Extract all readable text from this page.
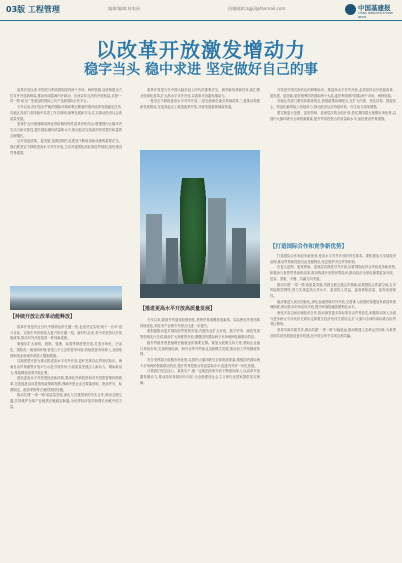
03版 工程管理	编辑/编辑:林家同	投稿邮箱:zgjijl@foxmail.com	中国基建报
CHINA INFRASTRUCTURE NEWS
以改革开放激发增动力
稳字当头 稳中求进 坚定做好自己的事

改革开放以来,中国充分利用国际国内两个市场、两种资源,加快构建全方位对外开放新格局,推动形成陆海内外联动、东西双向互济的开放格局,共建'一带一路'成为广受欢迎的国际公共产品和国际合作平台。

今年以来,面对复杂严峻的国际环境和艰巨繁重的国内改革发展稳定任务,各地区各部门坚持稳中求进工作总基调,统筹发展和安全,扎实推动经济社会高质量发展。

坚持扩大内需战略同深化供给侧结构性改革有机结合,增强国内大循环内生动力和可靠性,提升国际循环质量和水平,推动经济实现质的有效提升和量的合理增长。

以开放促改革、促发展,是我国现代化建设不断取得新成就的重要法宝。我们要坚定不移推进高水平对外开放,主动对接国际高标准经贸规则,加快建设贸易强国。

【持续开放让改革动能释放】

改革开放是决定当代中国命运的关键一招,也是决定实现'两个一百年'奋斗目标、实现中华民族伟大复兴的关键一招。新时代以来,党中央坚持以开放促改革,推动对外开放取得一系列新成就。

要稳步扩大规则、规制、管理、标准等制度型开放,打造市场化、法治化、国际化一流营商环境,营造公平公正的竞争环境,持续放宽市场准入,全面取消制造业领域外资准入限制措施。

以制度型开放为重点推进高水平对外开放,更好发挥自由贸易试验区、海南自由贸易港等开放平台示范引领作用,为高质量发展注入新动力、增添新活力,持续释放改革开放红利。

建设更高水平开放型经济新体制,要深化外商投资和对外投资管理体制改革,完善促进双向投资的政策和制度,保障外资企业在要素获取、资质许可、标准制定、政府采购等方面的国民待遇。

推动共建'一带一路'高质量发展,深化与共建国家的务实合作,推动互联互通,共同维护全球产业链供应链稳定畅通,为世界经济复苏和增长贡献中国力量。

改革开放是当代中国大踏步赶上时代的重要法宝。面对新形势新任务,我们要全面深化改革,扩大高水平对外开放,以改革开放激发增动力。

一是坚定不移推进高水平对外开放,二是全面深化重点领域改革,三是推动构建新发展格局,在更高起点上推进改革开放,开辟发展新领域新赛道。

【推进更高水平开放高质量发展】

今年以来,我国外贸展现较强韧性,货物贸易规模再创新高。实际使用外资结构持续优化,高技术产业吸引外资占比进一步提升。

要积极推动更多国际经贸规则对接,在服务业扩大开放、数字贸易、绿色发展等领域先行先试,稳步扩大制度型开放,增强国内国际两个市场两种资源联动效应。

稳外贸稳外资是稳增长稳就业的重要支撑。要加大政策支持力度,帮助企业稳订单拓市场,支持跨境电商、海外仓等外贸新业态新模式发展,推动加工贸易梯度转移。

充分发挥超大规模市场优势,以国内大循环吸引全球资源要素,增强国内国际两个市场两种资源联动效应,提升贸易投资合作质量和水平,促进内外贸一体化发展。

只要我们坚定信心、真抓实干,就一定能把改革开放不断推向深入,以改革开放激发增动力,推动经济持续回升向好,为全面建设社会主义现代化国家提供坚实保障。

开放是中国式现代化的鲜明标识。推进高水平对外开放,必须坚持以开放促改革、促发展、促创新,更好统筹国内国际两个大局,更好利用国内国际两个市场、两种资源。

各地区各部门要坚持系统观念,加强政策协调配合,在扩大内需、优化结构、提振信心、防范化解风险上持续用力,推动经济运行持续好转、内生动力持续增强。

要实施更大范围、更宽领域、更深层次的全面开放,依托我国超大规模市场优势,以国内大循环吸引全球资源要素,提升贸易投资合作质量和水平,加快建设贸易强国。

【打造国际合作和竞争新优势】

打造国际合作和竞争新优势,是高水平对外开放的内在要求。要积极参与全球经济治理,推动贸易和投资自由化便利化,坚定维护多边贸易体制。

在更大范围、更宽领域、更深层次推进对外开放,培育国际经济合作和竞争新优势,积极参与世界贸易组织改革,推动构建开放型世界经济,推动经济全球化朝着更加开放、包容、普惠、平衡、共赢方向发展。

推动共建'一带一路'高质量发展,巩固互联互通合作基础,拓展国际合作新空间,扎牢风险防控网络,努力实现更高合作水平、更高投入效益、更高供给质量、更高发展韧性。

稳步推进人民币国际化,深化金融领域对外开放,完善准入前国民待遇加负面清单管理制度,推动资本市场双向开放,提升跨境投融资便利化水平。

深化多双边和区域经济合作,推动商签更多高标准自由贸易协定,积极推动加入全面与进步跨太平洋伙伴关系协定和数字经济伙伴关系协定,扩大面向全球的高标准自由贸易区网络。

坚持共商共建共享,推动共建'一带一路'行稳致远,推动构建人类命运共同体,为世界各国共同发展创造更多机遇,在开放合作中实现互利共赢。
